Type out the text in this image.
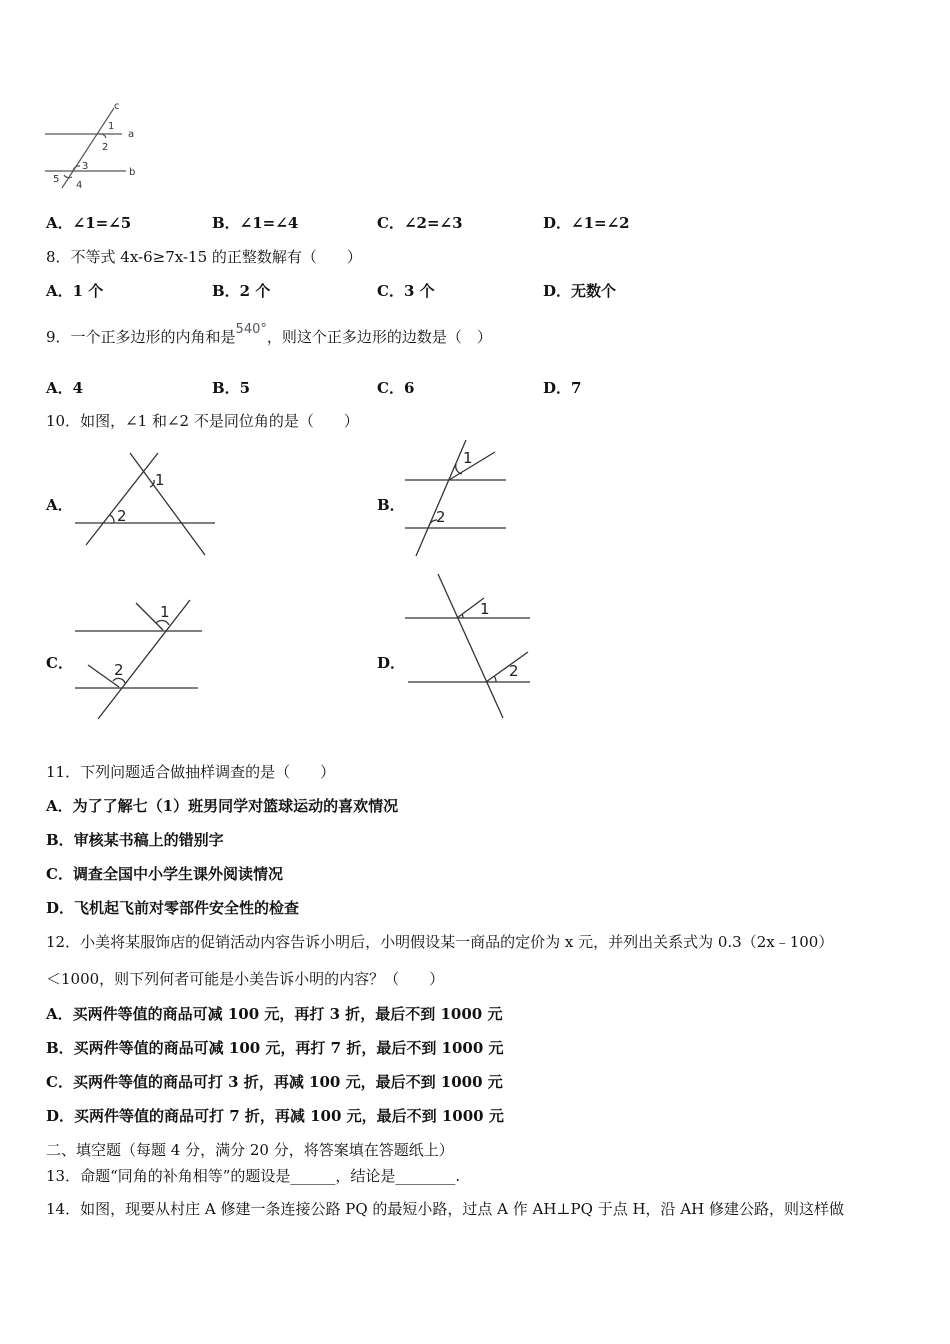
c
1
a
2
3
b
5
4
A．∠1=∠5	B．∠1=∠4	C．∠2=∠3	D．∠1=∠2
8．不等式 4x-6≥7x-15 的正整数解有（　　）
A．1 个	B．2 个	C．3 个	D．无数个
9．一个正多边形的内角和是540°，则这个正多边形的边数是（　）
A．4	B．5	C．6	D．7
10．如图，∠1 和∠2 不是同位角的是（　　）
A．
1
2
B．
1
2
C．
1
2	D．
1
2
11．下列问题适合做抽样调查的是（　　）
A．为了了解七（1）班男同学对篮球运动的喜欢情况
B．审核某书稿上的错别字
C．调查全国中小学生课外阅读情况
D．飞机起飞前对零部件安全性的检查
12．小美将某服饰店的促销活动内容告诉小明后，小明假设某一商品的定价为 x 元，并列出关系式为 0.3（2x﹣100）
＜1000，则下列何者可能是小美告诉小明的内容？（　　）
A．买两件等值的商品可减 100 元，再打 3 折，最后不到 1000 元
B．买两件等值的商品可减 100 元，再打 7 折，最后不到 1000 元
C．买两件等值的商品可打 3 折，再减 100 元，最后不到 1000 元
D．买两件等值的商品可打 7 折，再减 100 元，最后不到 1000 元
二、填空题（每题 4 分，满分 20 分，将答案填在答题纸上）
13．命题“同角的补角相等”的题设是______，结论是________.
14．如图，现要从村庄 A 修建一条连接公路 PQ 的最短小路，过点 A 作 AH⊥PQ 于点 H，沿 AH 修建公路，则这样做
